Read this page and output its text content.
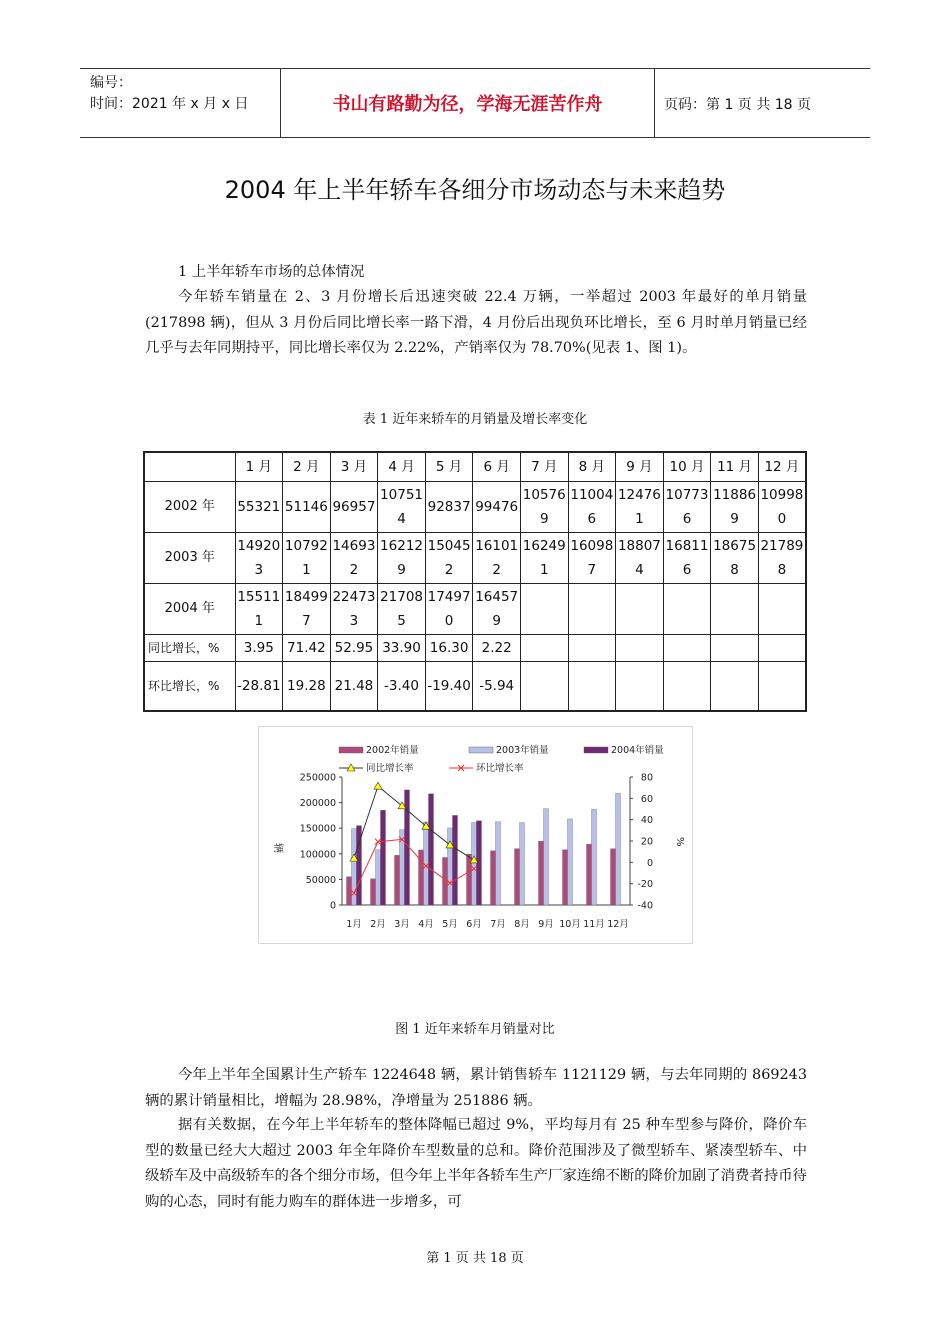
编号：
时间：2021 年 x 月 x 日	书山有路勤为径，学海无涯苦作舟	页码：第 1 页 共 18 页
2004 年上半年轿车各细分市场动态与未来趋势
1 上半年轿车市场的总体情况
今年轿车销量在 2、3 月份增长后迅速突破 22.4 万辆，一举超过 2003 年最好的单月销量(217898 辆)，但从 3 月份后同比增长率一路下滑，4 月份后出现负环比增长，至 6 月时单月销量已经几乎与去年同期持平，同比增长率仅为 2.22%，产销率仅为 78.70%(见表 1、图 1)。
表 1 近年来轿车的月销量及增长率变化
	1 月	2 月	3 月	4 月	5 月	6 月	7 月	8 月	9 月	10 月	11 月	12 月
2002 年	55321	51146	96957	107514	92837	99476	105769	110046	124761	107736	118869	109980
2003 年	149203	107921	146932	162129	150452	161012	162491	160987	188074	168116	186758	217898
2004 年	155111	184997	224733	217085	174970	164579						
同比增长，%	3.95	71.42	52.95	33.90	16.30	2.22						
环比增长，%	-28.81	19.28	21.48	-3.40	-19.40	-5.94						
250000
200000
150000
100000
50000
0
80
60
40
20
0
-20
-40
辆
%
1月 2月 3月 4月 5月 6月 7月 8月 9月 10月 11月 12月
2002年销量	2003年销量	2004年销量
同比增长率	环比增长率
图 1 近年来轿车月销量对比
今年上半年全国累计生产轿车 1224648 辆，累计销售轿车 1121129 辆，与去年同期的 869243 辆的累计销量相比，增幅为 28.98%，净增量为 251886 辆。
据有关数据，在今年上半年轿车的整体降幅已超过 9%，平均每月有 25 种车型参与降价，降价车型的数量已经大大超过 2003 年全年降价车型数量的总和。降价范围涉及了微型轿车、紧凑型轿车、中级轿车及中高级轿车的各个细分市场，但今年上半年各轿车生产厂家连绵不断的降价加剧了消费者持币待购的心态，同时有能力购车的群体进一步增多，可
第 1 页 共 18 页
